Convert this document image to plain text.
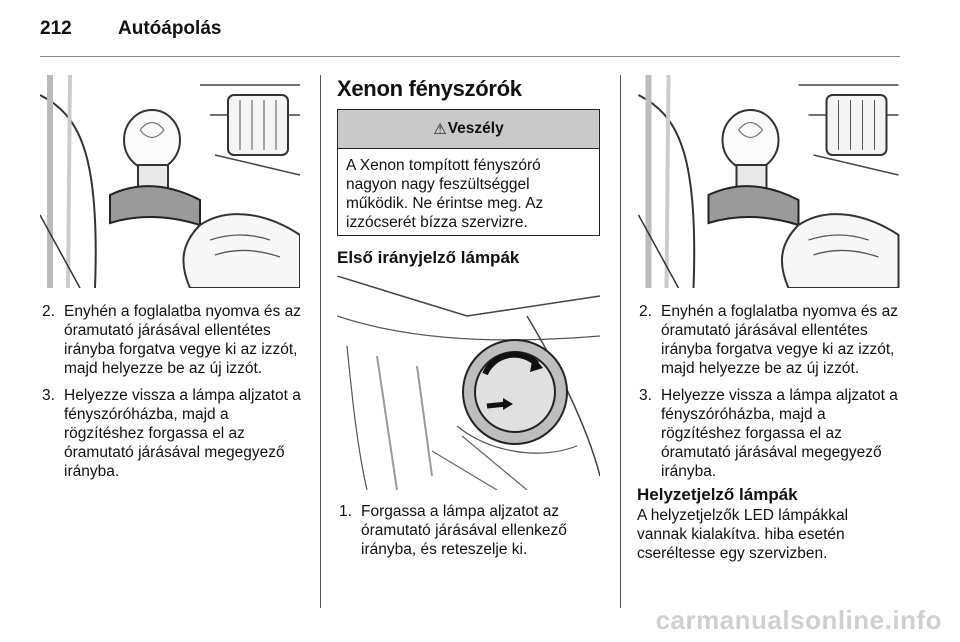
212	Autóápolás
2. Enyhén a foglalatba nyomva és az óramutató járásával ellentétes irányba forgatva vegye ki az izzót, majd helyezze be az új izzót.
3. Helyezze vissza a lámpa aljzatot a fényszóróházba, majd a rögzítéshez forgassa el az óramutató járásával megegyező irányba.
Xenon fényszórók
⚠ Veszély
A Xenon tompított fényszóró nagyon nagy feszültséggel működik. Ne érintse meg. Az izzócserét bízza szervizre.
Első irányjelző lámpák
1. Forgassa a lámpa aljzatot az óramutató járásával ellenkező irányba, és reteszelje ki.
2. Enyhén a foglalatba nyomva és az óramutató járásával ellentétes irányba forgatva vegye ki az izzót, majd helyezze be az új izzót.
3. Helyezze vissza a lámpa aljzatot a fényszóróházba, majd a rögzítéshez forgassa el az óramutató járásával megegyező irányba.
Helyzetjelző lámpák
A helyzetjelzők LED lámpákkal vannak kialakítva. hiba esetén cseréltesse egy szervizben.
carmanualsonline.info
